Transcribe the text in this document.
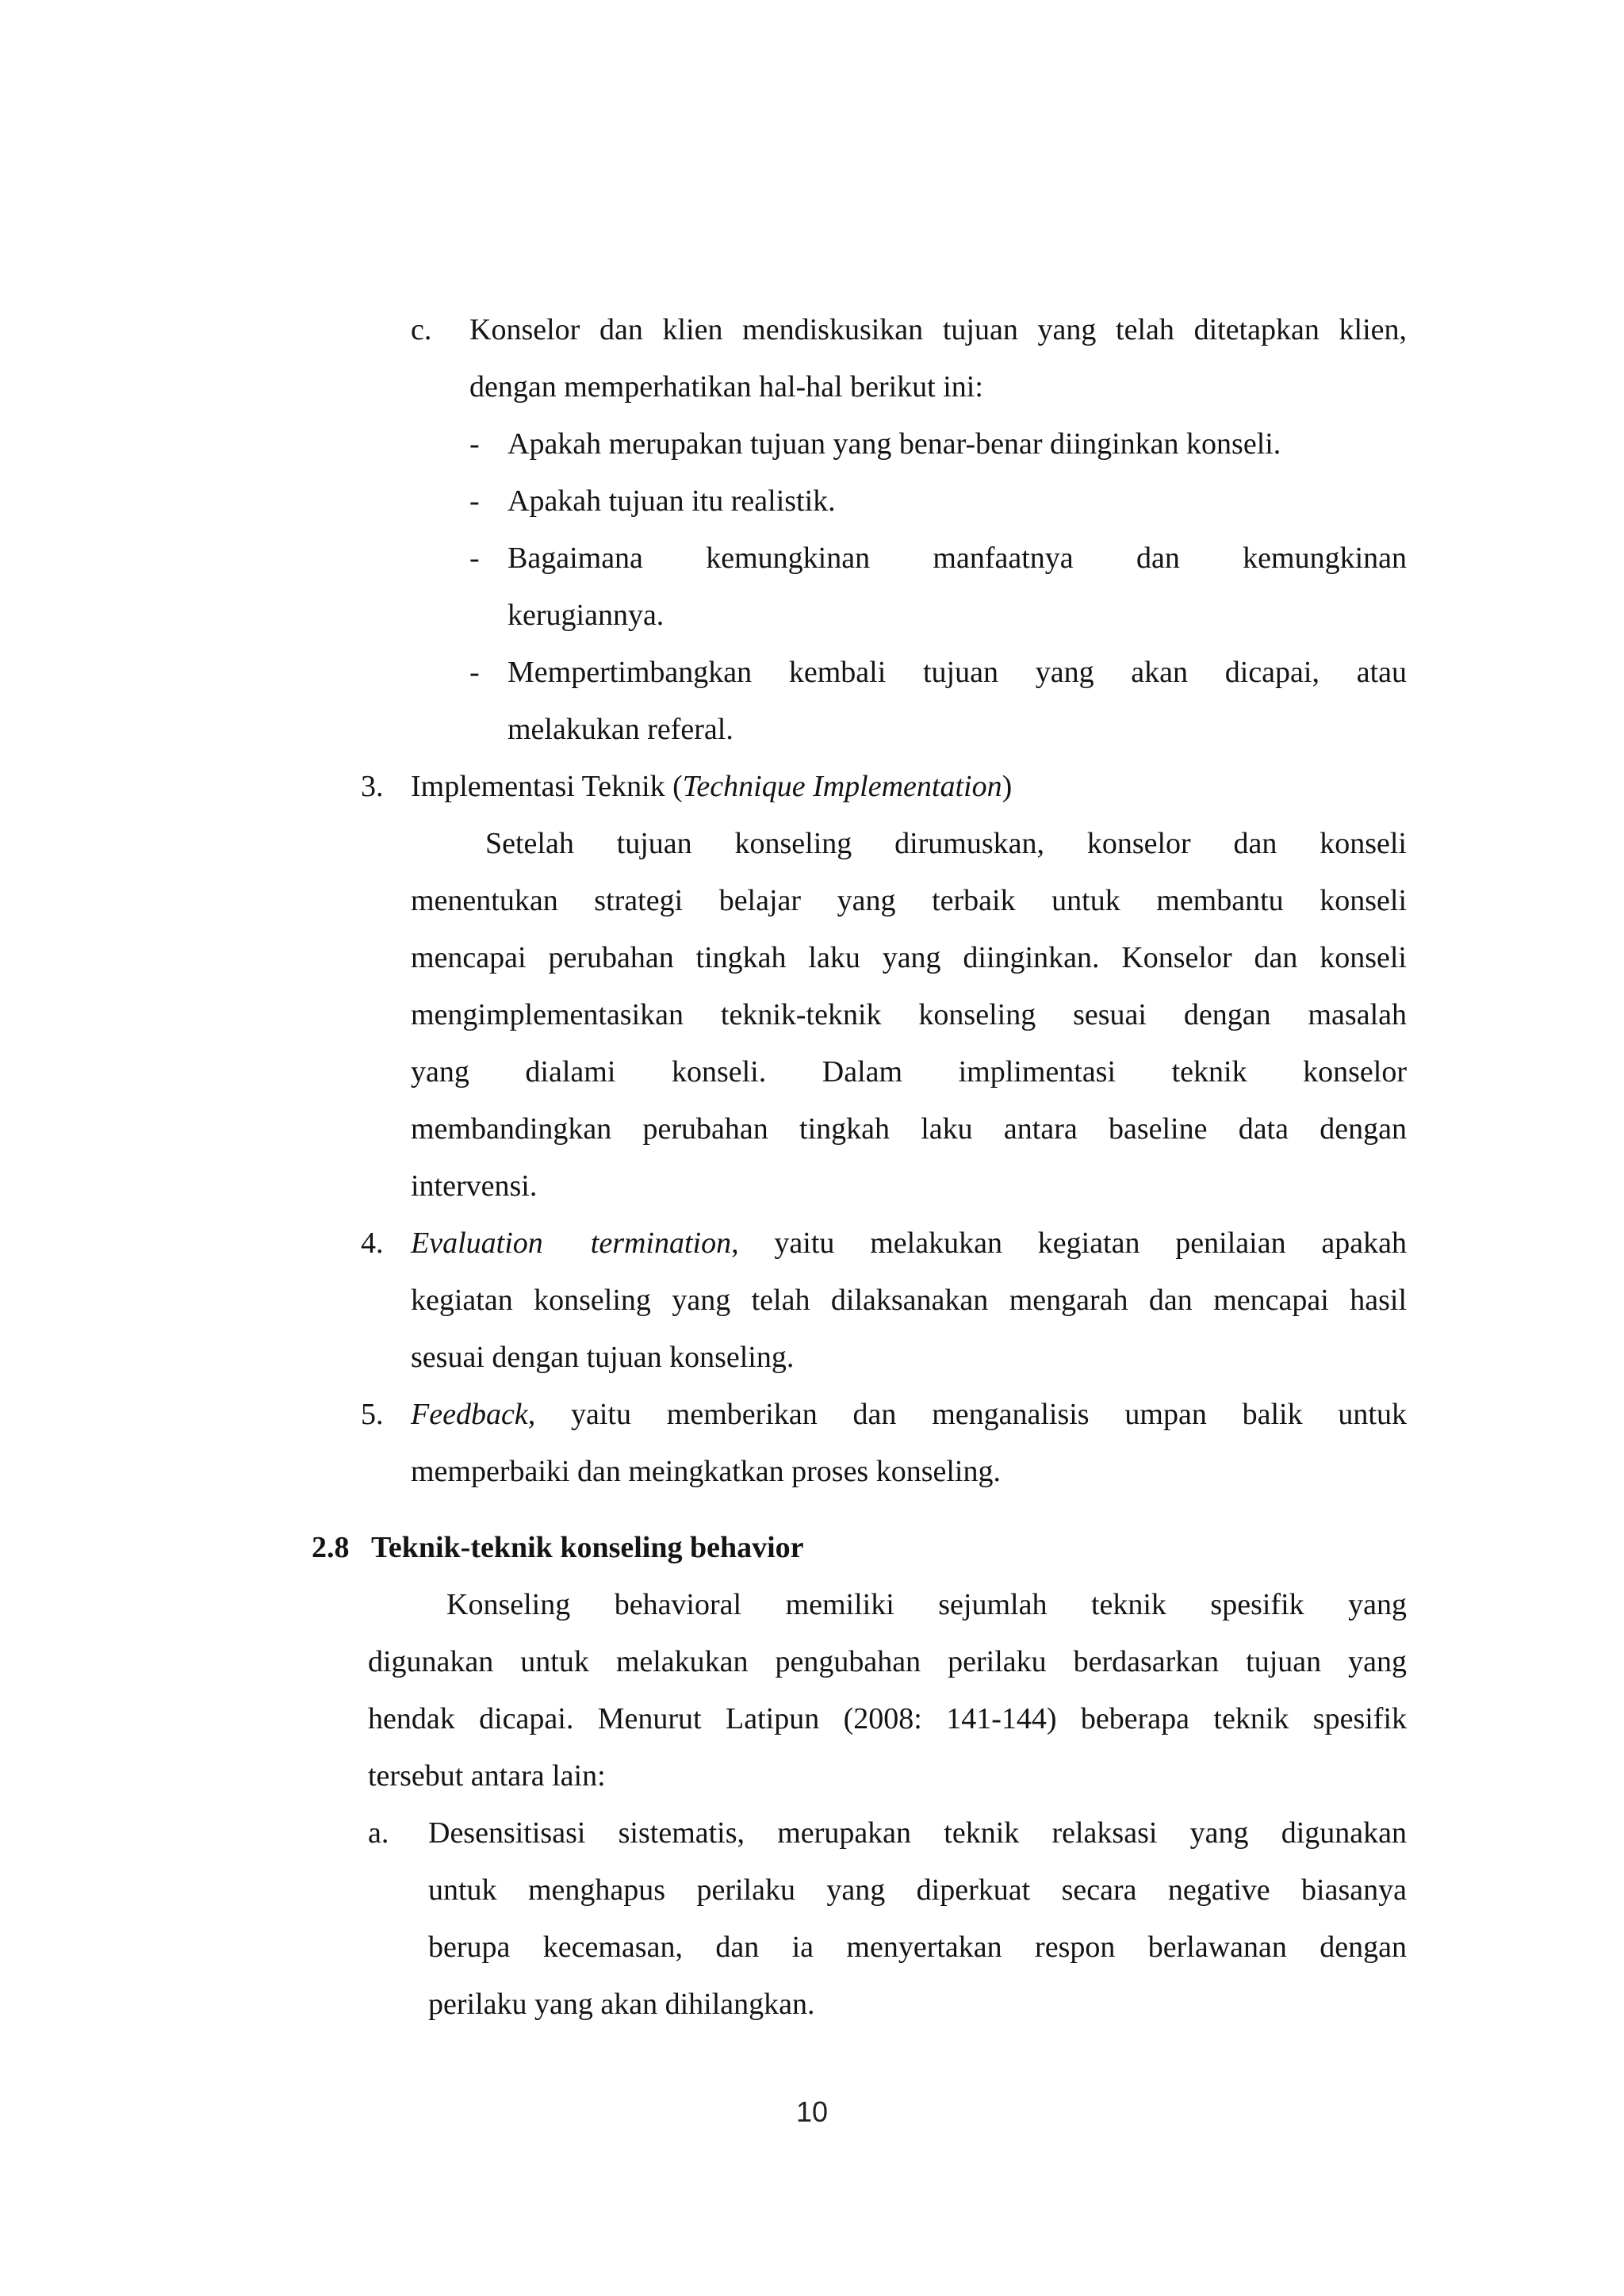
c. Konselor dan klien mendiskusikan tujuan yang telah ditetapkan klien,
dengan memperhatikan hal-hal berikut ini:
- Apakah merupakan tujuan yang benar-benar diinginkan konseli.
- Apakah tujuan itu realistik.
- Bagaimana kemungkinan manfaatnya dan kemungkinan
kerugiannya.
- Mempertimbangkan kembali tujuan yang akan dicapai, atau
melakukan referal.
3. Implementasi Teknik (Technique Implementation)
Setelah tujuan konseling dirumuskan, konselor dan konseli
menentukan strategi belajar yang terbaik untuk membantu konseli
mencapai perubahan tingkah laku yang diinginkan. Konselor dan konseli
mengimplementasikan teknik-teknik konseling sesuai dengan masalah
yang dialami konseli. Dalam implimentasi teknik konselor
membandingkan perubahan tingkah laku antara baseline data dengan
intervensi.
4. Evaluation termination , yaitu melakukan kegiatan penilaian apakah
kegiatan konseling yang telah dilaksanakan mengarah dan mencapai hasil
sesuai dengan tujuan konseling.
5. Feedback , yaitu memberikan dan menganalisis umpan balik untuk
memperbaiki dan meingkatkan proses konseling.
2.8 Teknik-teknik konseling behavior
Konseling behavioral memiliki sejumlah teknik spesifik yang
digunakan untuk melakukan pengubahan perilaku berdasarkan tujuan yang
hendak dicapai. Menurut Latipun (2008: 141-144) beberapa teknik spesifik
tersebut antara lain:
a. Desensitisasi sistematis, merupakan teknik relaksasi yang digunakan
untuk menghapus perilaku yang diperkuat secara negative biasanya
berupa kecemasan, dan ia menyertakan respon berlawanan dengan
perilaku yang akan dihilangkan.
10
